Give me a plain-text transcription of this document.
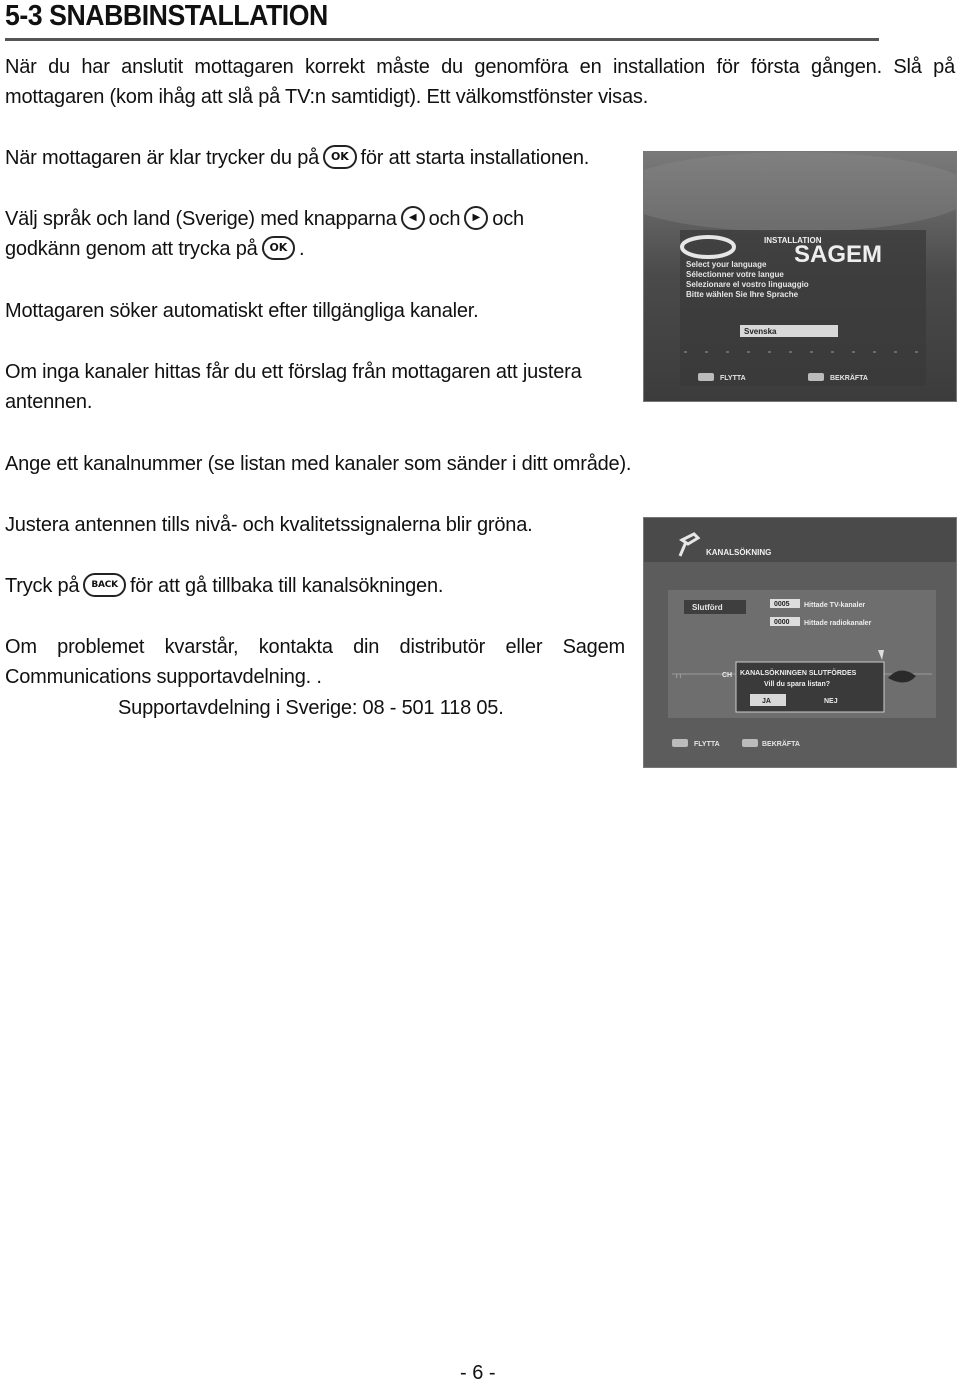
5-3 SNABBINSTALLATION
När du har anslutit mottagaren korrekt måste du genomföra en installation för första gången. Slå på mottagaren (kom ihåg att slå på TV:n samtidigt). Ett välkomstfönster visas.
När mottagaren är klar trycker du på OK för att starta installationen.
Välj språk och land (Sverige) med knapparna ◀ och ▶ och
godkänn genom att trycka på OK .
Mottagaren söker automatiskt efter tillgängliga kanaler.
Om inga kanaler hittas får du ett förslag från mottagaren att justera antennen.
Ange ett kanalnummer (se listan med kanaler som sänder i ditt område).
Justera antennen tills nivå- och kvalitetssignalerna blir gröna.
Tryck på BACK för att gå tillbaka till kanalsökningen.
Om problemet kvarstår, kontakta din distributör eller Sagem Communications supportavdelning. .
Supportavdelning i Sverige: 08 - 501 118 05.
INSTALLATION
SAGEM
Select your language
Sélectionner votre langue
Selezionare el vostro linguaggio
Bitte wählen Sie Ihre Sprache
Svenska
FLYTTA	BEKRÄFTA
KANALSÖKNING
Slutförd	0005 Hittade TV-kanaler
0000 Hittade radiokanaler
ı ı	CH KANALSÖKNINGEN SLUTFÖRDES
Vill du spara listan?
JA	NEJ
FLYTTA	BEKRÄFTA
- 6 -
